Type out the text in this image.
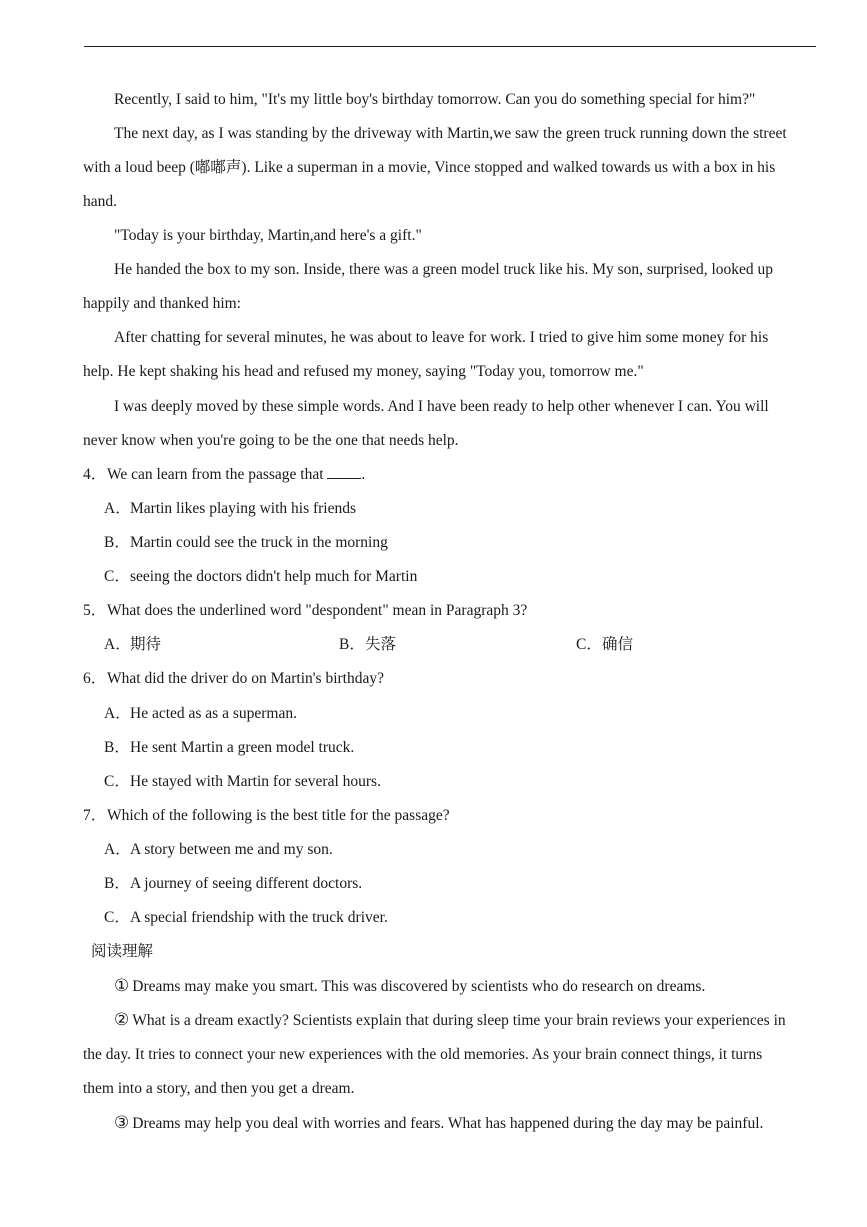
Recently, I said to him, "It's my little boy's birthday tomorrow. Can you do something special for him?"
The next day, as I was standing by the driveway with Martin,we saw the green truck running down the street
with a loud beep (嘟嘟声). Like a superman in a movie, Vince stopped and walked towards us with a box in his
hand.
"Today is your birthday, Martin,and here's a gift."
He handed the box to my son. Inside, there was a green model truck like his. My son, surprised, looked up
happily and thanked him:
After chatting for several minutes, he was about to leave for work. I tried to give him some money for his
help. He kept shaking his head and refused my money, saying "Today you, tomorrow me."
I was deeply moved by these simple words. And I have been ready to help other whenever I can. You will
never know when you're going to be the one that needs help.
4．We can learn from the passage that .
A．Martin likes playing with his friends
B．Martin could see the truck in the morning
C．seeing the doctors didn't help much for Martin
5．What does the underlined word "despondent" mean in Paragraph 3?
A．期待	B．失落	C．确信
6．What did the driver do on Martin's birthday?
A．He acted as as a superman.
B．He sent Martin a green model truck.
C．He stayed with Martin for several hours.
7．Which of the following is the best title for the passage?
A．A story between me and my son.
B．A journey of seeing different doctors.
C．A special friendship with the truck driver.
阅读理解
① Dreams may make you smart. This was discovered by scientists who do research on dreams.
② What is a dream exactly? Scientists explain that during sleep time your brain reviews your experiences in
the day. It tries to connect your new experiences with the old memories. As your brain connect things, it turns
them into a story, and then you get a dream.
③ Dreams may help you deal with worries and fears. What has happened during the day may be painful.
